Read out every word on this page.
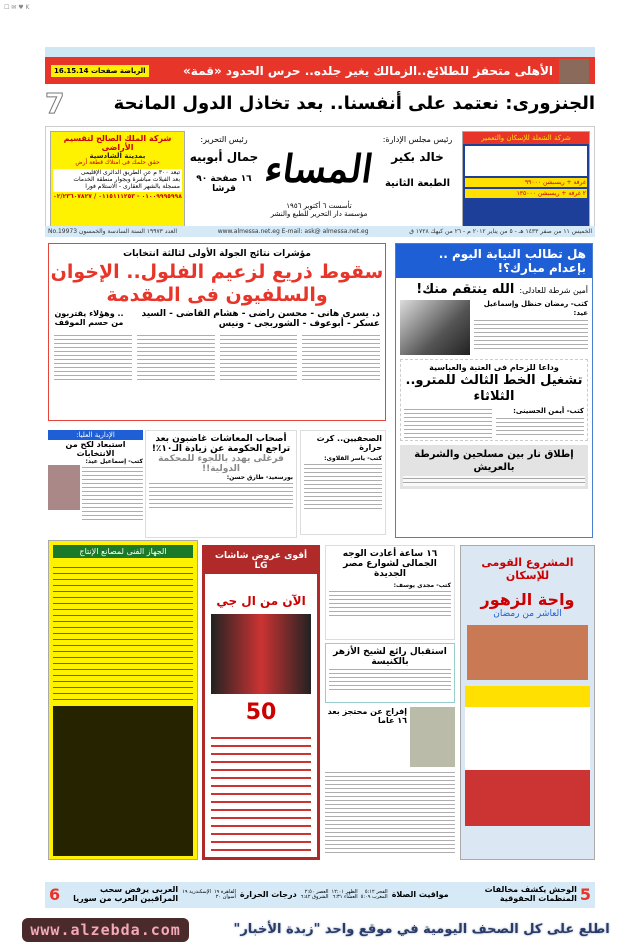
☐ ✉ ♥ K
الأهلى متحفز للطلائع..الزمالك يغير جلده.. حرس الحدود «قمة»
الرياضة صفحات 16.15.14
الجنزورى: نعتمد على أنفسنا.. بعد تخاذل الدول المانحة
7
شركة الشعلة للإسكان والتعمير
غرفة + ريسبشن ٩٩٠٠٠
٢ غرفة + ريسبشن ١٣٥٠٠٠
رئيس مجلس الإدارة:
خالد بكير
الطبعة الثانية
المساء
تأسست ٦ أكتوبر ١٩٥٦
مؤسسة دار التحرير للطبع والنشر
رئيس التحرير:
جمال أبوبيه
١٦ صفحة ٩٠ قرشا
شركة الملك الصالح لتقسيم الأراضى
بمدينة الشادسية
حقق حلمك فى امتلاك قطعة أرض
تبعد ٣٠٠ م عن الطريق الدائرى الإقليمى
بعد الفيلات مباشرة وبجوار منطقة الخدمات
مسجلة بالشهر العقارى - الاستلام فورا
٠١٠٠٩٩٩٥٩٩٨ - ٠١١٥١١١٢٥٣ / ٠٢/٢٣٦٠٧٨٢٧
الخميس ١١ من صفر ١٤٣٣ هـ - ٥ من يناير ٢٠١٢ م - ٢٦ من كيهك ١٧٢٨ ق
www.almessa.net.eg E-mail: ask@ almessa.net.eg
العدد ١٩٩٧٣ السنة السادسة والخمسون No.19973
هل تطالب النيابة اليوم .. بإعدام مبارك؟!
أمين شرطة للعادلى: الله ينتقم منك!
كتب- رمضان حنظل وإسماعيل عيد:
وداعا للزحام فى العتبة والعباسية
تشغيل الخط الثالث للمترو.. الثلاثاء
كتب- أيمن الحسينى:
إطلاق نار بين مسلحين والشرطة بالعريش
مؤشرات نتائج الجولة الأولى لثالثة انتخابات
سقوط ذريع لزعيم الفلول.. الإخوان والسلفيون فى المقدمة
د. يسرى هانى - محسن راضى - هشام القاضى - السيد عسكر - أبوعوف - الشوربجى - ونيس
.. وهؤلاء يقتربون من حسم الموقف
الصحفيين.. كرت حرارة
كتب- ياسر القلاوى:
أصحاب المعاشات غاضبون بعد تراجع الحكومة عن زيادة الـ١٠٪!
فرغلى يهدد باللجوء للمحكمة الدولية!!
بورسعيد- طارق حسن:
الإدارية العليا:
استبعاد لكح من الانتخابات
كتب- إسماعيل عيد:
الجهاز الفنى لمصانع الإنتاج	أقوى عروض شاشات LG
الآن من ال جي
50
١٦ ساعة أعادت الوجه الجمالى لشوارع مصر الجديدة
كتب- مجدى يوسف:
استقبال رائع لشيخ الأزهر بالكنيسة
إفراج عن محتجز بعد ١٦ عاما
المشروع القومى للإسكان
واحة الزهور
العاشر من رمضان
5
الوحش يكشف مخالفات المنظمات الحقوقية
مواقيت الصلاة
الفجر ٥:١٢
الظهر ١٢:٠١
العصر ٢:٥٠
المغرب ٥:٠٩
العشاء ٦:٣١
الشروق ٦:٤٢
درجات الحرارة
القاهرة ١٩
الإسكندرية ١٩
أسوان ٢٠
العربى يرفض سحب المراقبين العرب من سوريا
6
اطلع على كل الصحف اليومية في موقع واحد "زبدة الأخبار"
www.alzebda.com
